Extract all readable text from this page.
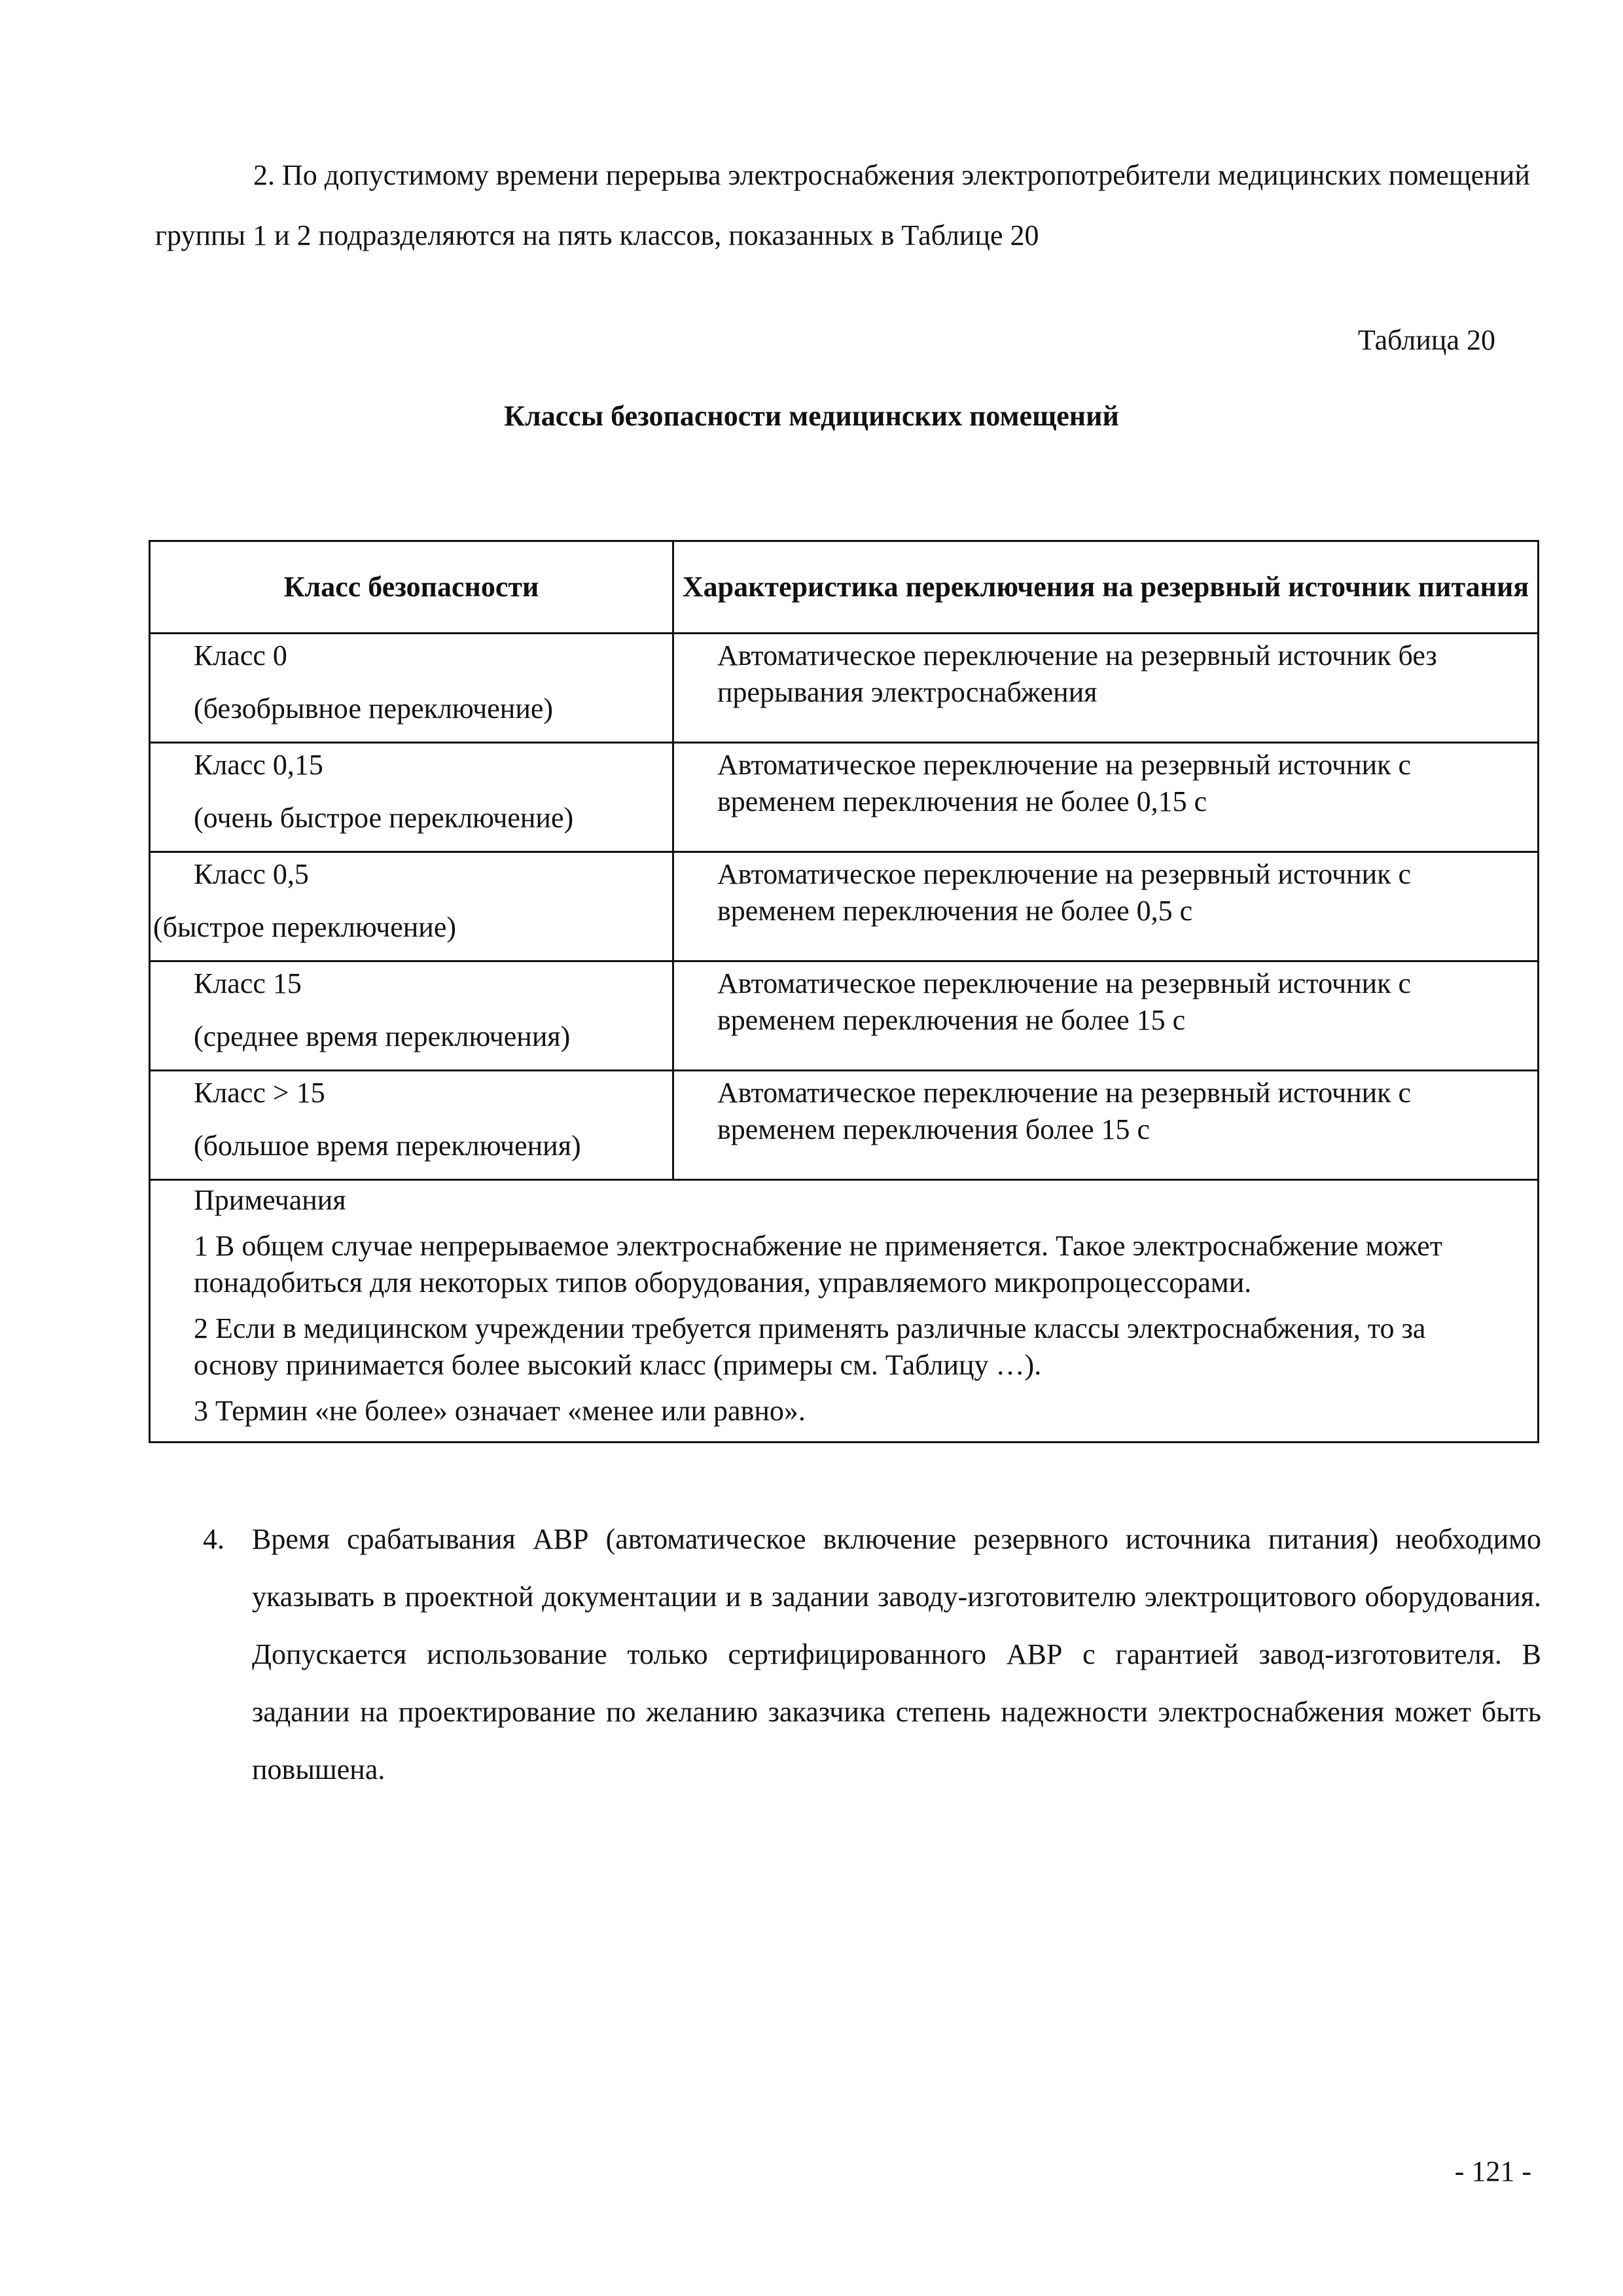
2. По допустимому времени перерыва электроснабжения электропотребители медицинских помещений группы 1 и 2 подразделяются на пять классов, показанных в Таблице 20

Таблица 20
Классы безопасности медицинских помещений
Класс безопасности	Характеристика переключения на резервный источник питания

Класс 0
(безобрывное переключение)	Автоматическое переключение на резервный источник без прерывания электроснабжения

Класс 0,15
(очень быстрое переключение)	Автоматическое переключение на резервный источник с временем переключения не более 0,15 с

Класс 0,5
(быстрое переключение)	Автоматическое переключение на резервный источник с временем переключения не более 0,5 с

Класс 15
(среднее время переключения)	Автоматическое переключение на резервный источник с временем переключения не более 15 с

Класс > 15
(большое время переключения)	Автоматическое переключение на резервный источник с временем переключения более 15 с

Примечания
1 В общем случае непрерываемое электроснабжение не применяется. Такое электроснабжение может понадобиться для некоторых типов оборудования, управляемого микропроцессорами.
2 Если в медицинском учреждении требуется применять различные классы электроснабжения, то за основу принимается более высокий класс (примеры см. Таблицу …).
3 Термин «не более» означает «менее или равно».	
4. Время срабатывания АВР (автоматическое включение резервного источника питания) необходимо указывать в проектной документации и в задании заводу-изготовителю электрощитового оборудования. Допускается использование только сертифицированного АВР с гарантией завод-изготовителя. В задании на проектирование по желанию заказчика степень надежности электроснабжения может быть повышена.
- 121 -
